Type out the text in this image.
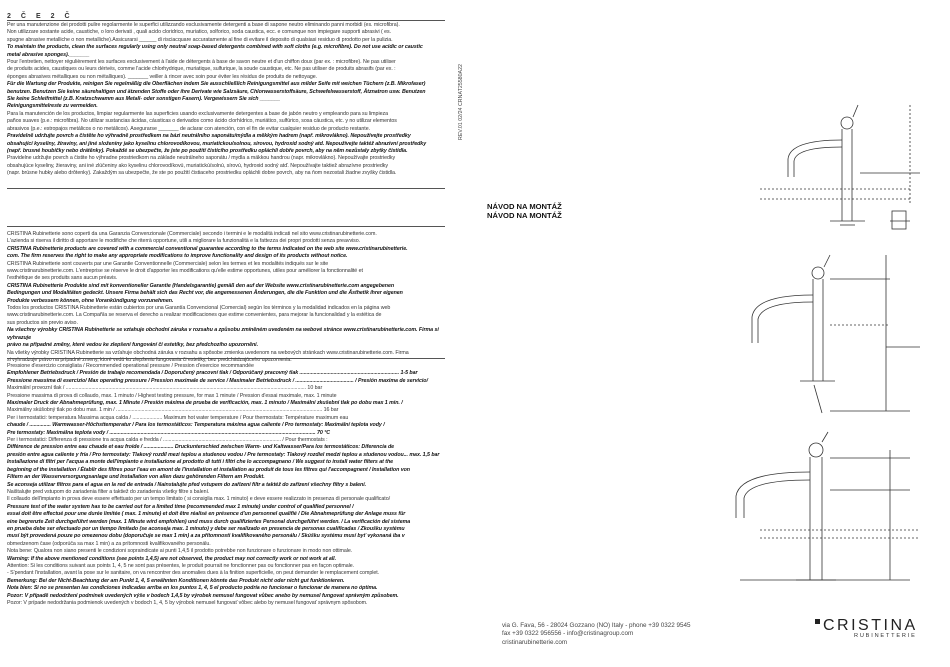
2 Č E 2 Č

Per una manutenzione dei prodotti pulire regolarmente le superfici utilizzando esclusivamente detergenti a base di sapone neutro eliminando panni morbidi (es. microfibra).

Non utilizzare sostante acide, caustiche, o loro derivati , quali acido cloridrico, muriatico, solforico, soda caustica, ecc. e comunque non impiegare supporti abrasivi ( es.

spugne abrasive metalliche o non metalliche).Assicurarsi ______ di risciacquare accuratamente al fine di evitare il deposito di qualsiasi residuo di prodotto per la pulizia.

To maintain the products, clean the surfaces regularly using only neutral soap-based detergents combined with soft cloths (e.g. microfibre). Do not use acidic or caustic

metal abrasive sponges)._______

Pour l'entretien, nettoyer régulièrement les surfaces exclusivement à l'aide de détergents à base de savon neutre et d'un chiffon doux (par ex. : microfibre). Ne pas utiliser

de produits acides, caustiques ou leurs dérivés, comme l'acide chlorhydrique, muriatique, sulfurique, la soude caustique, etc. Ne pas utiliser de produits abrasifs (par ex. :

éponges abrasives métalliques ou non métalliques). _______ veiller à rincer avec soin pour éviter les résidus de produits de nettoyage.

Für die Wartung der Produkte, reinigen Sie regelmäßig die Oberflächen indem Sie ausschließlich Reinigungsmittel aus milder Seife mit weichen Tüchern (z.B. Mikrofaser)

benutzen. Benutzen Sie keine säurehaltigen und ätzenden Stoffe oder ihre Derivate wie Salzsäure, Chlorwasserstoffsäure, Schwefelwasserstoff, Ätznatron usw. Benutzen

Sie keine Schleifmittel (z.B. Kratzschwamm aus Metall- oder sonstigen Fasern). Vergewissern Sie sich _______

Reinigungsmittelreste zu vermeiden.

Para la manutención de los productos, limpiar regularmente las superficies usando exclusivamente detergentes a base de jabón neutro y empleando para su limpieza

paños suaves (p.e.: microfibra). No utilizar sustancias ácidas, cáusticas o derivados como ácido clorhídrico, muriático, sulfúrico, sosa cáustica, etc. y no utilizar elementos

abrasivos (p.e.: estropajos metálicos o no metálicos). Asegurarse _______ de aclarar con atención, con el fin de evitar cualquier residuo de producto restante.

Pravidelně udržujte povrch a čistěte ho výhradně prostředkem na bázi neutrálního saponátu/mýdla a měkkým hadrem (např. mikrovlákno). Nepoužívejte prostředky

obsahující kyseliny, žíraviny, ani jiné složeniny jako kyselinu chlorovodíkovou, muriatickou/solnou, sírovou, hydroxid sodný atd. Nepoužívejte taktéž abrazivní prostředky

(např. brusné houbičky nebo drátěnky). Pokaždé se ubezpečte, že jste po použití čisticího prostředku opláchli dobře povrch, aby na něm nezůstaly zbytky čistidla.

Pravidelne udržujte povrch a čistite ho výhradne prostriedkom na základe neutrálneho saponátu / mydla a mäkkou handrou (napr. mikrovlákno). Nepoužívajte prostriedky

obsahujúce kyseliny, žieraviny, ani iné zlúčeniny ako kyselinu chlorovodíkovú, muriatickú/solnú, sírovú, hydroxid sodný atď. Nepoužívajte taktiež abrazívne prostriedky

(napr. brúsne hubky alebo drôtenky). Zakaždým sa ubezpečte, že ste po použití čistiaceho prostriedku opláchli dobre povrch, aby na ňom nezostali žiadne zvyšky čistidla.

CRISTINA Rubinetterie sono coperti da una Garanzia Convenzionale (Commerciale) secondo i termini e le modalità indicati nel sito www.cristinarubinetterie.com.

L'azienda si riserva il diritto di apportare le modifiche che riterrà opportune, utili a migliorare la funzionalità e la fattezza dei propri prodotti senza preavviso.

CRISTINA Rubinetterie products are covered with a commercial conventional guarantee according to the terms indicated on the web site www.cristinarubinetterie.

com. The firm reserves the right to make any appropriate modifications to improve functionality and design of its products without notice.

CRISTINA Rubinetterie sont couverts par une Garantie Conventionnelle (Commerciale) selon les termes et les modalités indiqués sur le site

www.cristinarubinetterie.com. L'entreprise se réserve le droit d'apporter les modifications qu'elle estime opportunes, utiles pour améliorer la fonctionnalité et

l'esthétique de ses produits sans aucun préavis.

CRISTINA Rubinetterie Produkte sind mit konventioneller Garantie (Handelsgarantie) gemäß den auf der Website www.cristinarubinetterie.com angegebenen

Bedingungen und Modalitäten gedeckt. Unsere Firma behält sich das Recht vor, die angemessenen Änderungen, die die Funktion und die Ästhetik ihrer eigenen

Produkte verbessern können, ohne Vorankündigung vorzunehmen.

Todos los productos CRISTINA Rubinetterie están cubiertos por una Garantía Convencional (Comercial) según los términos y la modalidad indicados en la página web

www.cristinarubinetterie.com. La Compañía se reserva el derecho a realizar modificaciones que estime convenientes, para mejorar la funcionalidad y la estética de

sus productos sin previo aviso.

Na všechny výrobky CRISTINA Rubinetterie se vztahuje obchodní záruka v rozsahu a způsobu zmíněném uvedeném na webové stránce www.cristinarubinetterie.com. Firma si vyhrazuje

právo na případné změny, které vedou ke zlepšení fungování či estetiky, bez předchozího upozornění.

Na všetky výrobky CRISTINA Rubinetterie sa vzťahuje obchodná záruka v rozsahu a spôsobe zmienka uvedenom na webových stránkach www.cristinarubinetterie.com. Firma

si vyhradzuje právo na prípadné zmeny, ktoré vedú ku zlepšeniu fungovania či estetiky, bez predchádzajúceho upozornenia.

Pressione d'esercizio consigliata / Recommended operational pressure / Pression d'exercice recommandée

Empfohlener Betriebsdruck / Presión de trabajo recomendada / Doporučený pracovní tlak / Odporúčaný pracovný tlak ...................................................................... 1-5 bar

Pressione massima di esercizio/ Max operating pressure / Pression maximale de service / Maximaler Betriebsdruck / ......................................... / Presión maxima de servicio/

Maximální provozní tlak / ......................................................................................................................................................................... 10 bar

Pressione massima di prova di collaudo, max. 1 minuto / Highest testing pressure, for max 1 minute / Pression d'essai maximale, max. 1 minute

Maximaler Druck der Abnahmeprüfung, max. 1 Minute / Presión máxima de prueba de verificación, max. 1 minuto / Maximální zkušební tlak po dobu max 1 min. /

Maximálny skúšobný tlak po dobu max. 1 min / ................................................................................................................................................. 16 bar

Per i termostatici: temperatura Massima acqua calda / ..................... Maximum hot water temperature / Pour thermostats: Température maximum eau

chaude / ............... Warmwasser-Höchsttemperatur / Para los termostáticos: Temperatura máxima agua caliente / Pro termostaty: Maximální teplota vody /

Pre termostaty: Maximálna teplota vody / ................................................................................................................................................. 70 °C

Per i termostatici: Differenza di pressione tra acqua calda e fredda / ................................................................................... / Pour thermostats :

Différence de pression entre eau chaude et eau froide / ..................... Druckunterschied zwischen Warm- und Kaltwasser/Para los termostáticos: Diferencia de

presión entre agua caliente y fría / Pro termostaty: Tlakový rozdíl mezi teplou a studenou vodou / Pre termostaty: Tlakový rozdiel medzi teplou a studenou vodou... max. 1,5 bar

Installazione di filtri per l'acqua a monte dell'impianto e installazione al prodotto di tutti i filtri che lo accompagnano / We suggest to install water filters at the

beginning of the installation / Établir des filtres pour l'eau en amont de l'installation et installation au produit de tous les filtres qui l'accompagnent / Installation von

Filtern an der Wasserversorgungsanlage und Installation von allen dazu gehörenden Filtern am Produkt.

Se aconseja utilizar filtros para el agua en la red de entrada / Nainstalujte před vstupem do zařízení filtr a taktéž do zařízení všechny filtry s balení.

Naištalujte pred vstupom do zariadenia filter a taktiež do zariadenia všetky filtre s balení.

Il collaudo dell'impianto in prova deve essere effettuato per un tempo limitato ( si consiglia max. 1 minuto) e deve essere realizzato in presenza di personale qualificato/

Pressure test of the water system has to be carried out for a limited time (recommended max 1 minute) under control of qualified personnel /

essai doit être effectué pour une durée limitée ( max. 1 minute) et doit être réalisé en présence d'un personnel qualifié / Die Abnahmeprüfung der Anlage muss für

eine begrenzte Zeit durchgeführt werden (max. 1 Minute wird empfohlen) und muss durch qualifiziertes Personal durchgeführt werden. / La verificación del sistema

en prueba debe ser efectuado por un tiempo limitado (se aconseja max. 1 minuto) y debe ser realizado en presencia de personas cualificadas / Zkoušku systému

musí být provedená pouze po omezenou dobu (doporučuje se max 1 min) a za přítomnosti kvalifikovaného personálu / Skúšku systému musí byť vykonaná iba v

obmedzenom čase (odporúča sa max 1 min) a za prítomnosti kvalifikovaného personálu.

Nota bene: Qualora non siano presenti le condizioni sopraindicate ai punti 1,4,5 il prodotto potrebbe non funzionare o funzionare in modo non ottimale.

Warning: If the above mentioned conditions (see points 1,4,5) are not observed, the product may not correctly work or not work at all.

Attention: Si les conditions suivant aux points 1, 4, 5 ne sont pas présentes, le produit pourrait ne fonctionner pas ou fonctionner pas en façon optimale.

- S'pendant l'installation, avant la pose sur le sanitaire, on va rencontrer des anomalies dues à la finition superficielle, on peut demander le remplacement complet.

Bemerkung: Bei der Nicht-Beachtung der am Punkt 1, 4, 5 erwähnten Konditionen könnte das Produkt nicht oder nicht gut funktionieren.

Nota bien: Si no se presentan las condiciones indicadas arriba en los puntos 1, 4, 5 el producto podría no funcionar o funcionar de manera no óptima.

Pozor: V případě nedodržení podmínek uvedených výše v bodech 1,4,5 by výrobek nemusel fungovat vůbec anebo by nemusel fungovat správným způsobem.

Pozor: V prípade nedodržania podmienok uvedených v bodoch 1, 4, 5 by výrobok nemusel fungovať vôbec alebo by nemusel fungovať správnym spôsobom.

REV.01 02/24 CRNAT25580A22
NÁVOD NA MONTÁŽ
NÁVOD NA MONTÁŽ
via G. Fava, 56 - 28024 Gozzano (NO) Italy - phone +39 0322 9545
fax +39 0322 956556 - info@cristinagroup.com
cristinarubinetterie.com
CRISTINA
RUBINETTERIE
